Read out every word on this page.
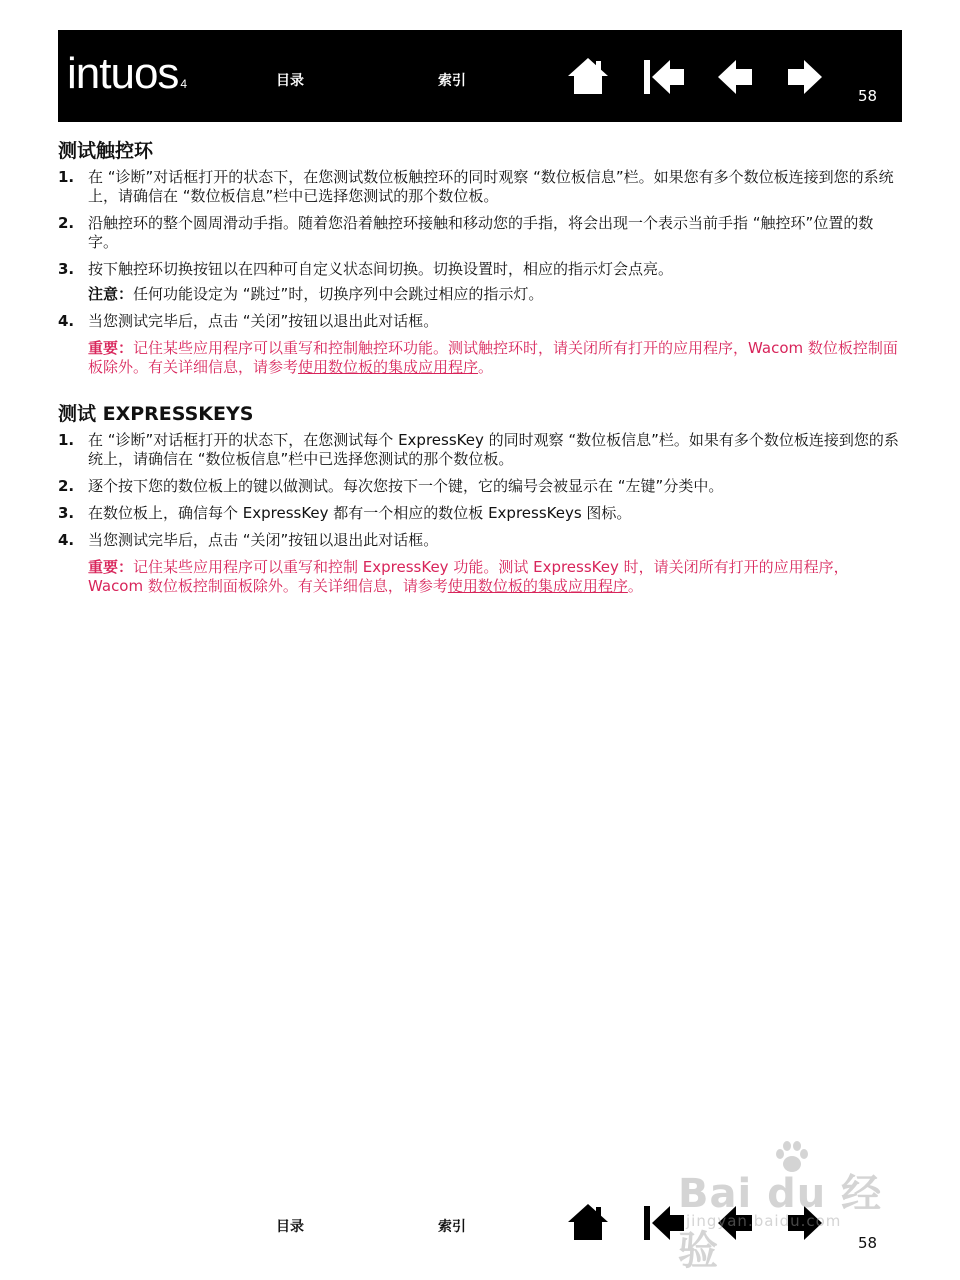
intuos 4	目录	索引
58
测试触控环
1. 在 “诊断”对话框打开的状态下，在您测试数位板触控环的同时观察 “数位板信息”栏。如果您有多个数位板连接到您的系统上，请确信在 “数位板信息”栏中已选择您测试的那个数位板。
2. 沿触控环的整个圆周滑动手指。随着您沿着触控环接触和移动您的手指，将会出现一个表示当前手指 “触控环”位置的数字。
3. 按下触控环切换按钮以在四种可自定义状态间切换。切换设置时，相应的指示灯会点亮。

注意：任何功能设定为 “跳过”时，切换序列中会跳过相应的指示灯。

4. 当您测试完毕后，点击 “关闭”按钮以退出此对话框。

重要：记住某些应用程序可以重写和控制触控环功能。测试触控环时，请关闭所有打开的应用程序，Wacom 数位板控制面板除外。有关详细信息，请参考使用数位板的集成应用程序。

测试 EXPRESSKEYS
1. 在 “诊断”对话框打开的状态下，在您测试每个 ExpressKey 的同时观察 “数位板信息”栏。如果有多个数位板连接到您的系统上，请确信在 “数位板信息”栏中已选择您测试的那个数位板。
2. 逐个按下您的数位板上的键以做测试。每次您按下一个键，它的编号会被显示在 “左键”分类中。
3. 在数位板上，确信每个 ExpressKey 都有一个相应的数位板 ExpressKeys 图标。
4. 当您测试完毕后，点击 “关闭”按钮以退出此对话框。

重要：记住某些应用程序可以重写和控制 ExpressKey 功能。测试 ExpressKey 时，请关闭所有打开的应用程序， Wacom 数位板控制面板除外。有关详细信息，请参考使用数位板的集成应用程序。

目录	索引
58
Bai du 经验
jingyan.baidu.com
